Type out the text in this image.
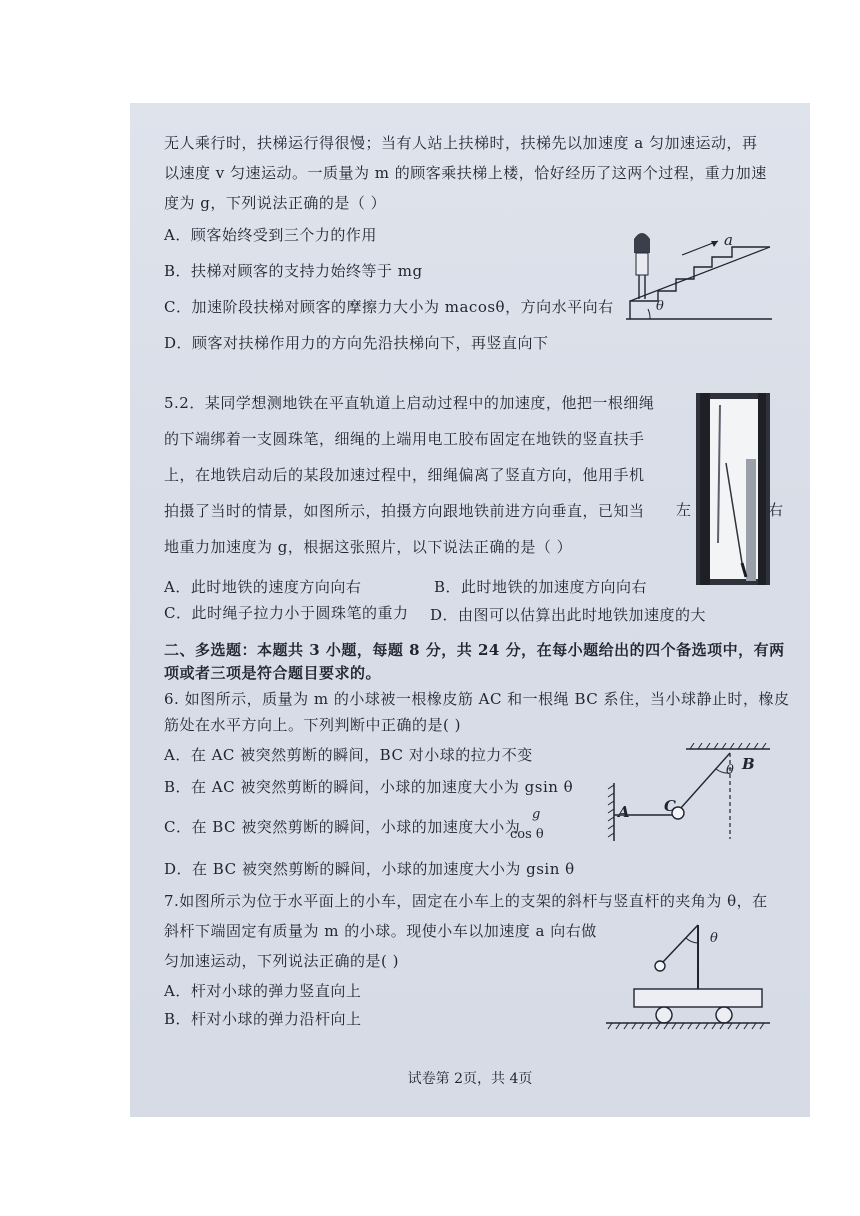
无人乘行时，扶梯运行得很慢；当有人站上扶梯时，扶梯先以加速度 a 匀加速运动，再
以速度 v 匀速运动。一质量为 m 的顾客乘扶梯上楼，恰好经历了这两个过程，重力加速
度为 g，下列说法正确的是（ ）
A．顾客始终受到三个力的作用
B．扶梯对顾客的支持力始终等于 mg
C．加速阶段扶梯对顾客的摩擦力大小为 macosθ，方向水平向右
D．顾客对扶梯作用力的方向先沿扶梯向下，再竖直向下
a
θ
5.2．某同学想测地铁在平直轨道上启动过程中的加速度，他把一根细绳
的下端绑着一支圆珠笔，细绳的上端用电工胶布固定在地铁的竖直扶手
上，在地铁启动后的某段加速过程中，细绳偏离了竖直方向，他用手机
拍摄了当时的情景，如图所示，拍摄方向跟地铁前进方向垂直，已知当
地重力加速度为 g，根据这张照片，以下说法正确的是（ ）
A．此时地铁的速度方向向右	B．此时地铁的加速度方向向右
C．此时绳子拉力小于圆珠笔的重力 D．由图可以估算出此时地铁加速度的大
左	右
二、多选题：本题共 3 小题，每题 8 分，共 24 分，在每小题给出的四个备选项中，有两
项或者三项是符合题目要求的。
6. 如图所示，质量为 m 的小球被一根橡皮筋 AC 和一根绳 BC 系住，当小球静止时，橡皮
筋处在水平方向上。下列判断中正确的是( )
A．在 AC 被突然剪断的瞬间，BC 对小球的拉力不变
B．在 AC 被突然剪断的瞬间，小球的加速度大小为 gsin θ
C．在 BC 被突然剪断的瞬间，小球的加速度大小为
g
cos θ
D．在 BC 被突然剪断的瞬间，小球的加速度大小为 gsin θ
A C
B
θ
7.如图所示为位于水平面上的小车，固定在小车上的支架的斜杆与竖直杆的夹角为 θ，在
斜杆下端固定有质量为 m 的小球。现使小车以加速度 a 向右做
匀加速运动，下列说法正确的是( )
A．杆对小球的弹力竖直向上
B．杆对小球的弹力沿杆向上
θ
试卷第 2页，共 4页
